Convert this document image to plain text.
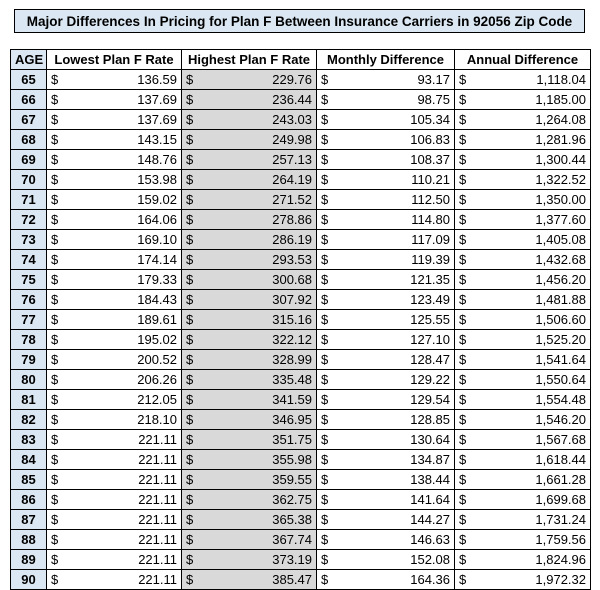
Major Differences In Pricing for Plan F Between Insurance Carriers in 92056 Zip Code
AGE	Lowest Plan F Rate	Highest Plan F Rate	Monthly Difference	Annual Difference
65	$ 136.59	$ 229.76	$ 93.17	$ 1,118.04

66	$ 137.69	$ 236.44	$ 98.75	$ 1,185.00

67	$ 137.69	$ 243.03	$ 105.34	$ 1,264.08

68	$ 143.15	$ 249.98	$ 106.83	$ 1,281.96

69	$ 148.76	$ 257.13	$ 108.37	$ 1,300.44

70	$ 153.98	$ 264.19	$ 110.21	$ 1,322.52

71	$ 159.02	$ 271.52	$ 112.50	$ 1,350.00

72	$ 164.06	$ 278.86	$ 114.80	$ 1,377.60

73	$ 169.10	$ 286.19	$ 117.09	$ 1,405.08

74	$ 174.14	$ 293.53	$ 119.39	$ 1,432.68

75	$ 179.33	$ 300.68	$ 121.35	$ 1,456.20

76	$ 184.43	$ 307.92	$ 123.49	$ 1,481.88

77	$ 189.61	$ 315.16	$ 125.55	$ 1,506.60

78	$ 195.02	$ 322.12	$ 127.10	$ 1,525.20

79	$ 200.52	$ 328.99	$ 128.47	$ 1,541.64

80	$ 206.26	$ 335.48	$ 129.22	$ 1,550.64

81	$ 212.05	$ 341.59	$ 129.54	$ 1,554.48

82	$ 218.10	$ 346.95	$ 128.85	$ 1,546.20

83	$ 221.11	$ 351.75	$ 130.64	$ 1,567.68

84	$ 221.11	$ 355.98	$ 134.87	$ 1,618.44

85	$ 221.11	$ 359.55	$ 138.44	$ 1,661.28

86	$ 221.11	$ 362.75	$ 141.64	$ 1,699.68

87	$ 221.11	$ 365.38	$ 144.27	$ 1,731.24

88	$ 221.11	$ 367.74	$ 146.63	$ 1,759.56

89	$ 221.11	$ 373.19	$ 152.08	$ 1,824.96

90	$ 221.11	$ 385.47	$ 164.36	$ 1,972.32
